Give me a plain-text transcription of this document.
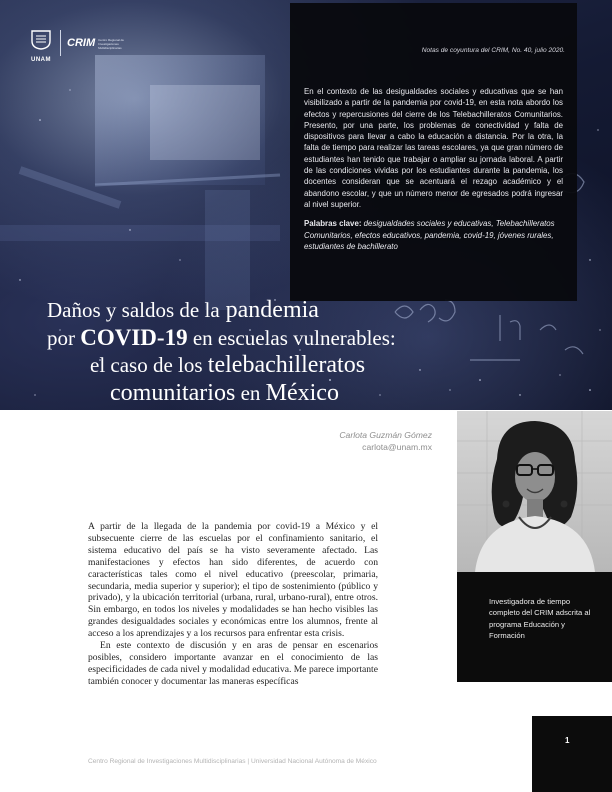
UNAM
CRIM Centro Regional de Investigaciones Multidisciplinarias	Notas de coyuntura del CRIM, No. 40, julio 2020.

En el contexto de las desigualdades sociales y educativas que se han visibilizado a partir de la pandemia por covid-19, en esta nota abordo los efectos y repercusiones del cierre de los Telebachilleratos Comunitarios. Presento, por una parte, los problemas de conectividad y falta de dispositivos para llevar a cabo la educación a distancia. Por la otra, la falta de tiempo para realizar las tareas escolares, ya que gran número de estudiantes han tenido que trabajar o ampliar su jornada laboral. A partir de las condiciones vividas por los estudiantes durante la pandemia, los docentes consideran que se acentuará el rezago académico y el abandono escolar, y que un número menor de egresados podrá ingresar al nivel superior.

Palabras clave: desigualdades sociales y educativas, Telebachilleratos Comunitarios, efectos educativos, pandemia, covid-19, jóvenes rurales, estudiantes de bachillerato

Daños y saldos de la pandemia
por COVID-19 en escuelas vulnerables:
el caso de los telebachilleratos
comunitarios en México
Carlota Guzmán Gómez
carlota@unam.mx

Investigadora de tiempo completo del CRIM adscrita al programa Educación y Formación

A partir de la llegada de la pandemia por covid-19 a México y el subsecuente cierre de las escuelas por el confinamiento sanitario, el sistema educativo del país se ha visto severamente afectado. Las manifestaciones y efectos han sido diferentes, de acuerdo con características tales como el nivel educativo (preescolar, primaria, secundaria, media superior y superior); el tipo de sostenimiento (público y privado), y la ubicación territorial (urbana, rural, urbano-rural), entre otros. Sin embargo, en todos los niveles y modalidades se han hecho visibles las grandes desigualdades sociales y económicas entre los alumnos, frente al acceso a los aprendizajes y a los recursos para enfrentar esta crisis.

En este contexto de discusión y en aras de pensar en escenarios posibles, considero importante avanzar en el conocimiento de las especificidades de cada nivel y modalidad educativa. Me parece importante también conocer y documentar las maneras específicas

Centro Regional de Investigaciones Multidisciplinarias | Universidad Nacional Autónoma de México
1
